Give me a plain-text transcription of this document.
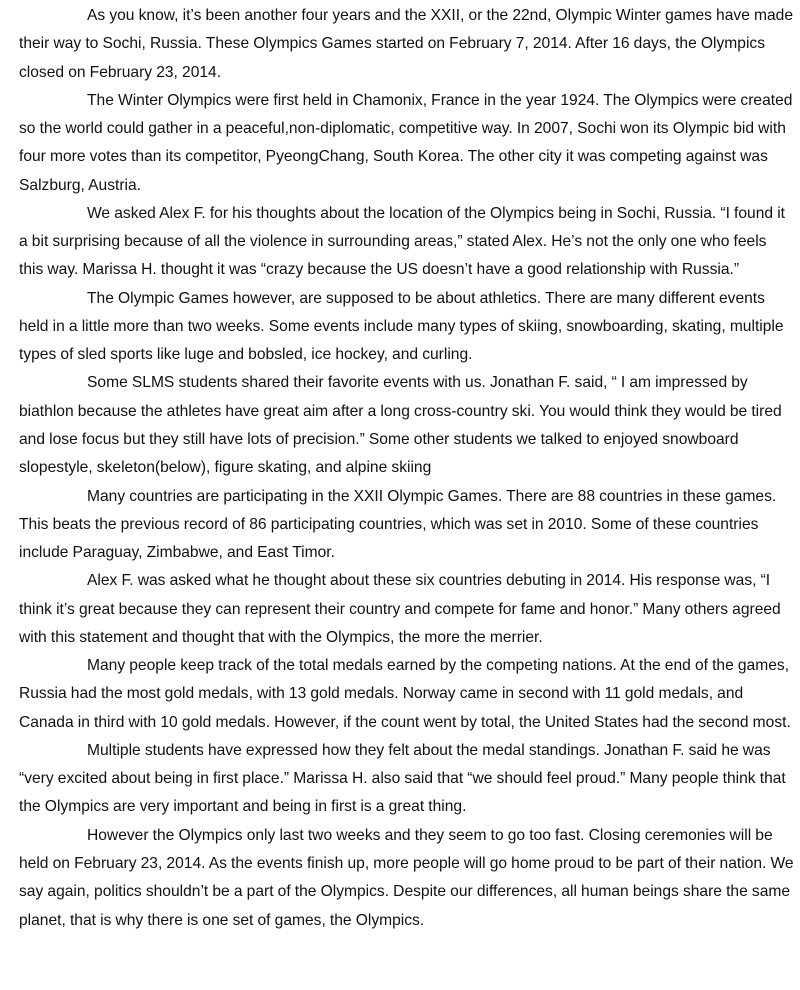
As you know, it’s been another four years and the XXII, or the 22nd, Olympic Winter games have made their way to Sochi, Russia. These Olympics Games started on February 7, 2014. After 16 days, the Olympics closed on February 23, 2014.

The Winter Olympics were first held in Chamonix, France in the year 1924. The Olympics were created so the world could gather in a peaceful,non-diplomatic, competitive way. In 2007, Sochi won its Olympic bid with four more votes than its competitor, PyeongChang, South Korea. The other city it was competing against was Salzburg, Austria.

We asked Alex F. for his thoughts about the location of the Olympics being in Sochi, Russia. “I found it a bit surprising because of all the violence in surrounding areas,” stated Alex. He’s not the only one who feels this way. Marissa H. thought it was “crazy because the US doesn’t have a good relationship with Russia.”

The Olympic Games however, are supposed to be about athletics. There are many different events held in a little more than two weeks. Some events include many types of skiing, snowboarding, skating, multiple types of sled sports like luge and bobsled, ice hockey, and curling.

Some SLMS students shared their favorite events with us. Jonathan F. said, “ I am impressed by biathlon because the athletes have great aim after a long cross-country ski. You would think they would be tired and lose focus but they still have lots of precision.” Some other students we talked to enjoyed snowboard slopestyle, skeleton(below), figure skating, and alpine skiing

Many countries are participating in the XXII Olympic Games. There are 88 countries in these games. This beats the previous record of 86 participating countries, which was set in 2010. Some of these countries include Paraguay, Zimbabwe, and East Timor.

Alex F. was asked what he thought about these six countries debuting in 2014. His response was, “I think it’s great because they can represent their country and compete for fame and honor.” Many others agreed with this statement and thought that with the Olympics, the more the merrier.

Many people keep track of the total medals earned by the competing nations. At the end of the games, Russia had the most gold medals, with 13 gold medals. Norway came in second with 11 gold medals, and Canada in third with 10 gold medals. However, if the count went by total, the United States had the second most.

Multiple students have expressed how they felt about the medal standings. Jonathan F. said he was “very excited about being in first place.” Marissa H. also said that “we should feel proud.” Many people think that the Olympics are very important and being in first is a great thing.

However the Olympics only last two weeks and they seem to go too fast. Closing ceremonies will be held on February 23, 2014. As the events finish up, more people will go home proud to be part of their nation. We say again, politics shouldn’t be a part of the Olympics. Despite our differences, all human beings share the same planet, that is why there is one set of games, the Olympics.
